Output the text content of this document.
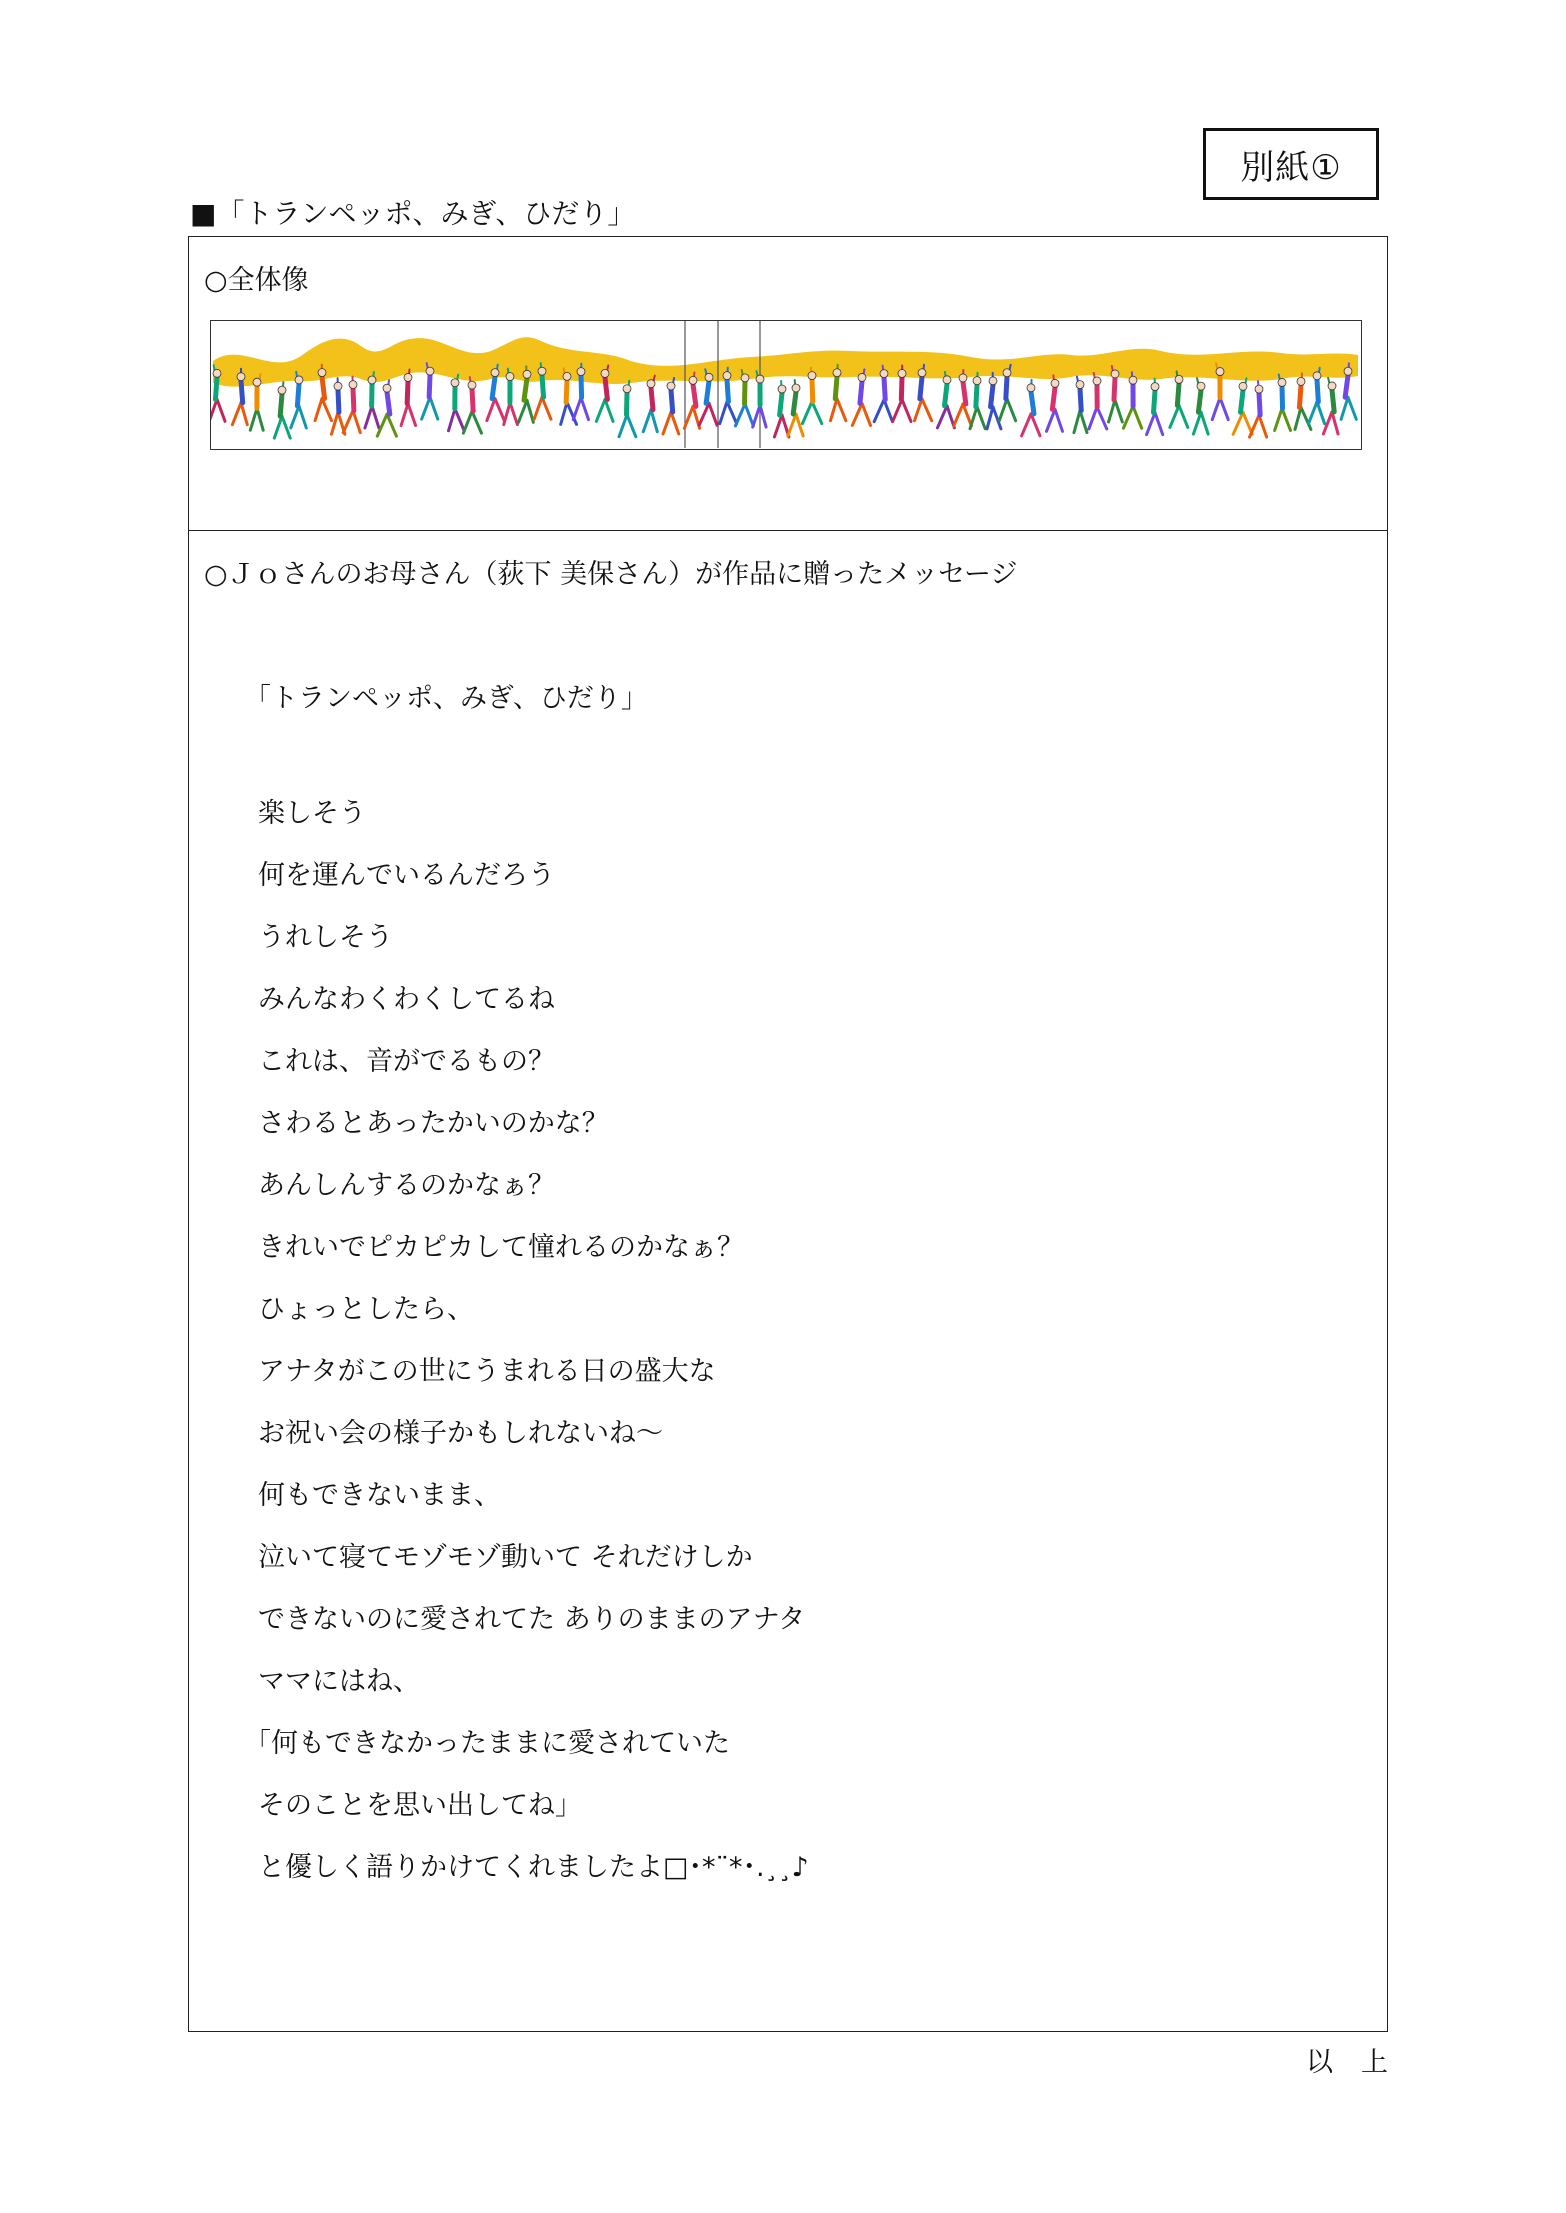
別紙①
■「トランペッポ、みぎ、ひだり」
○全体像
○Ｊｏさんのお母さん（荻下 美保さん）が作品に贈ったメッセージ
「トランペッポ、みぎ、ひだり」
楽しそう
何を運んでいるんだろう
うれしそう
みんなわくわくしてるね
これは、音がでるもの？
さわるとあったかいのかな？
あんしんするのかなぁ？
きれいでピカピカして憧れるのかなぁ？
ひょっとしたら、
アナタがこの世にうまれる日の盛大な
お祝い会の様子かもしれないね〜
何もできないまま、
泣いて寝てモゾモゾ動いて それだけしか
できないのに愛されてた ありのままのアナタ
ママにはね、
「何もできなかったままに愛されていた
そのことを思い出してね」
と優しく語りかけてくれましたよ□･*¨*･.¸¸♪
以上
